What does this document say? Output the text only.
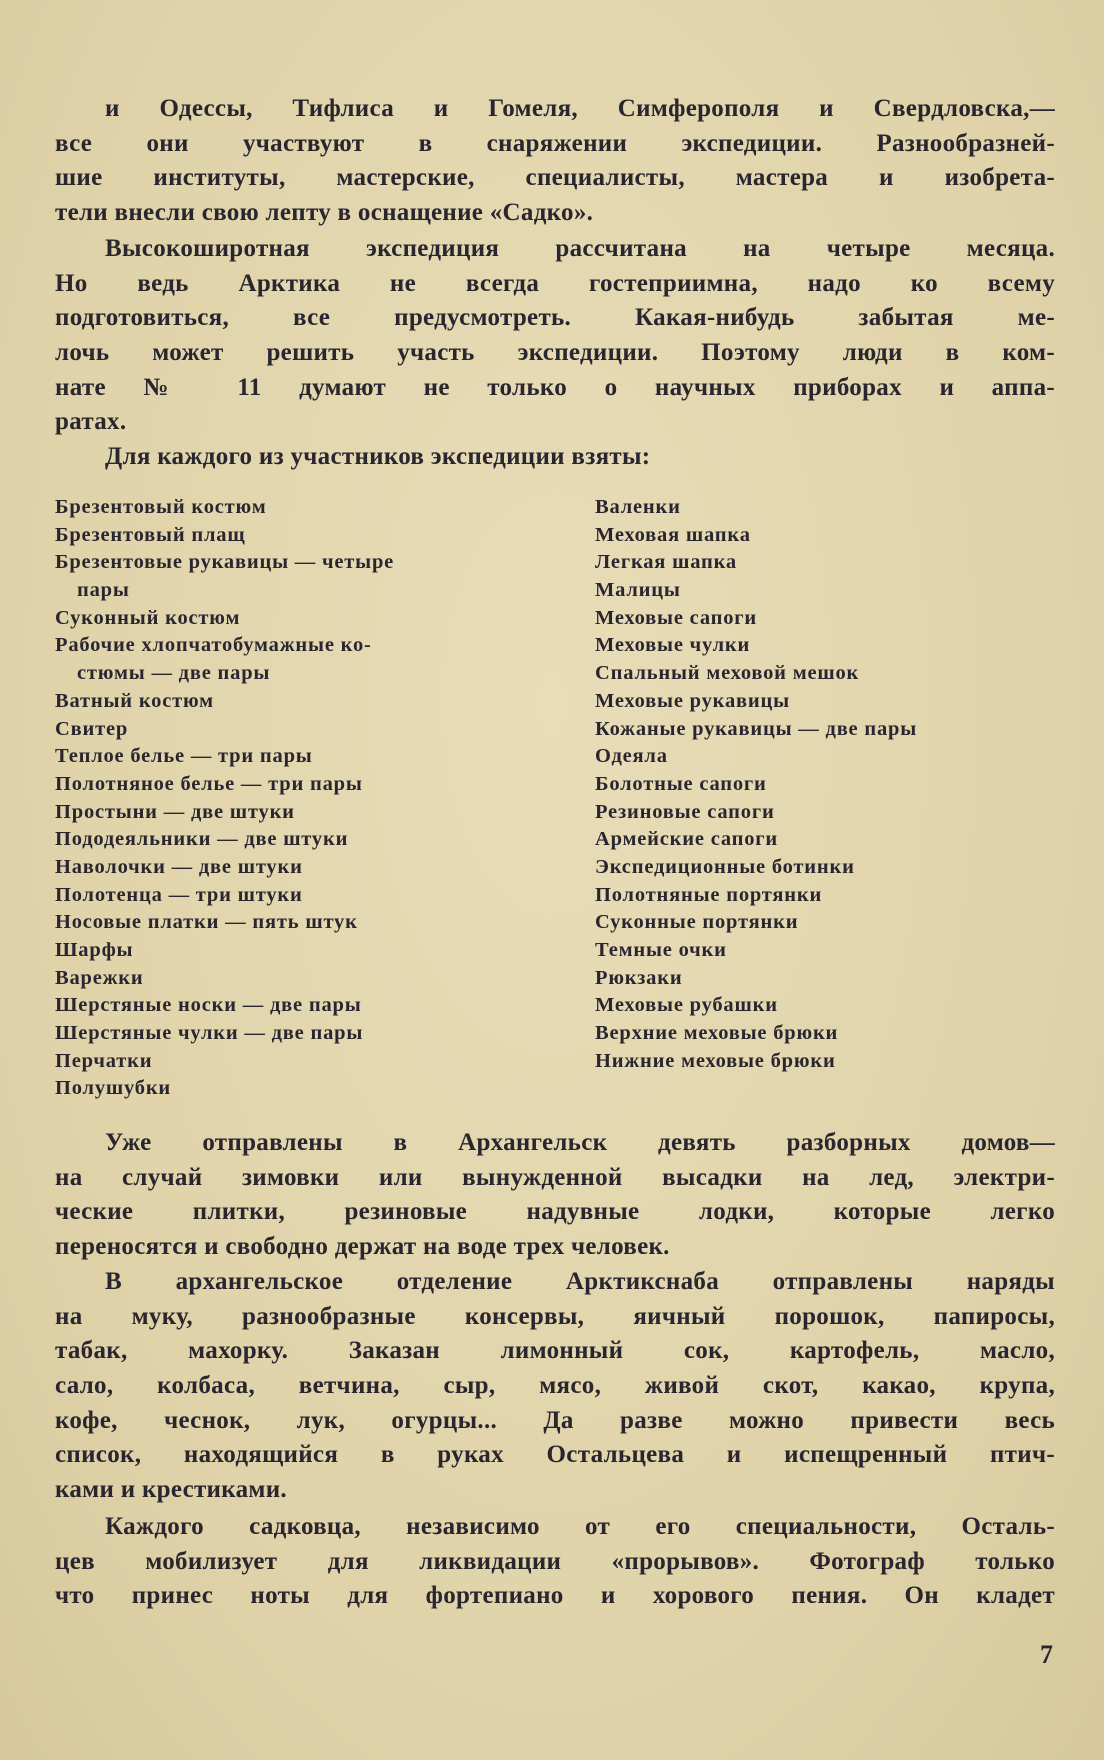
и Одессы, Тифлиса и Гомеля, Симферополя и Свердловска,—
все они участвуют в снаряжении экспедиции. Разнообразней-
шие институты, мастерские, специалисты, мастера и изобрета-
тели внесли свою лепту в оснащение «Садко».
Высокоширотная экспедиция рассчитана на четыре месяца.
Но ведь Арктика не всегда гостеприимна, надо ко всему
подготовиться, все предусмотреть. Какая-нибудь забытая ме-
лочь может решить участь экспедиции. Поэтому люди в ком-
нате № 11 думают не только о научных приборах и аппа-
ратах.
Для каждого из участников экспедиции взяты:
Брезентовый костюм
Брезентовый плащ
Брезентовые рукавицы — четыре
пары
Суконный костюм
Рабочие хлопчатобумажные ко-
стюмы — две пары
Ватный костюм
Свитер
Теплое белье — три пары
Полотняное белье — три пары
Простыни — две штуки
Пододеяльники — две штуки
Наволочки — две штуки
Полотенца — три штуки
Носовые платки — пять штук
Шарфы
Варежки
Шерстяные носки — две пары
Шерстяные чулки — две пары
Перчатки
Полушубки
Валенки
Меховая шапка
Легкая шапка
Малицы
Меховые сапоги
Меховые чулки
Спальный меховой мешок
Меховые рукавицы
Кожаные рукавицы — две пары
Одеяла
Болотные сапоги
Резиновые сапоги
Армейские сапоги
Экспедиционные ботинки
Полотняные портянки
Суконные портянки
Темные очки
Рюкзаки
Меховые рубашки
Верхние меховые брюки
Нижние меховые брюки
Уже отправлены в Архангельск девять разборных домов—
на случай зимовки или вынужденной высадки на лед, электри-
ческие плитки, резиновые надувные лодки, которые легко
переносятся и свободно держат на воде трех человек.
В архангельское отделение Арктикснаба отправлены наряды
на муку, разнообразные консервы, яичный порошок, папиросы,
табак, махорку. Заказан лимонный сок, картофель, масло,
сало, колбаса, ветчина, сыр, мясо, живой скот, какао, крупа,
кофе, чеснок, лук, огурцы... Да разве можно привести весь
список, находящийся в руках Остальцева и испещренный птич-
ками и крестиками.
Каждого садковца, независимо от его специальности, Осталь-
цев мобилизует для ликвидации «прорывов». Фотограф только
что принес ноты для фортепиано и хорового пения. Он кладет
7
